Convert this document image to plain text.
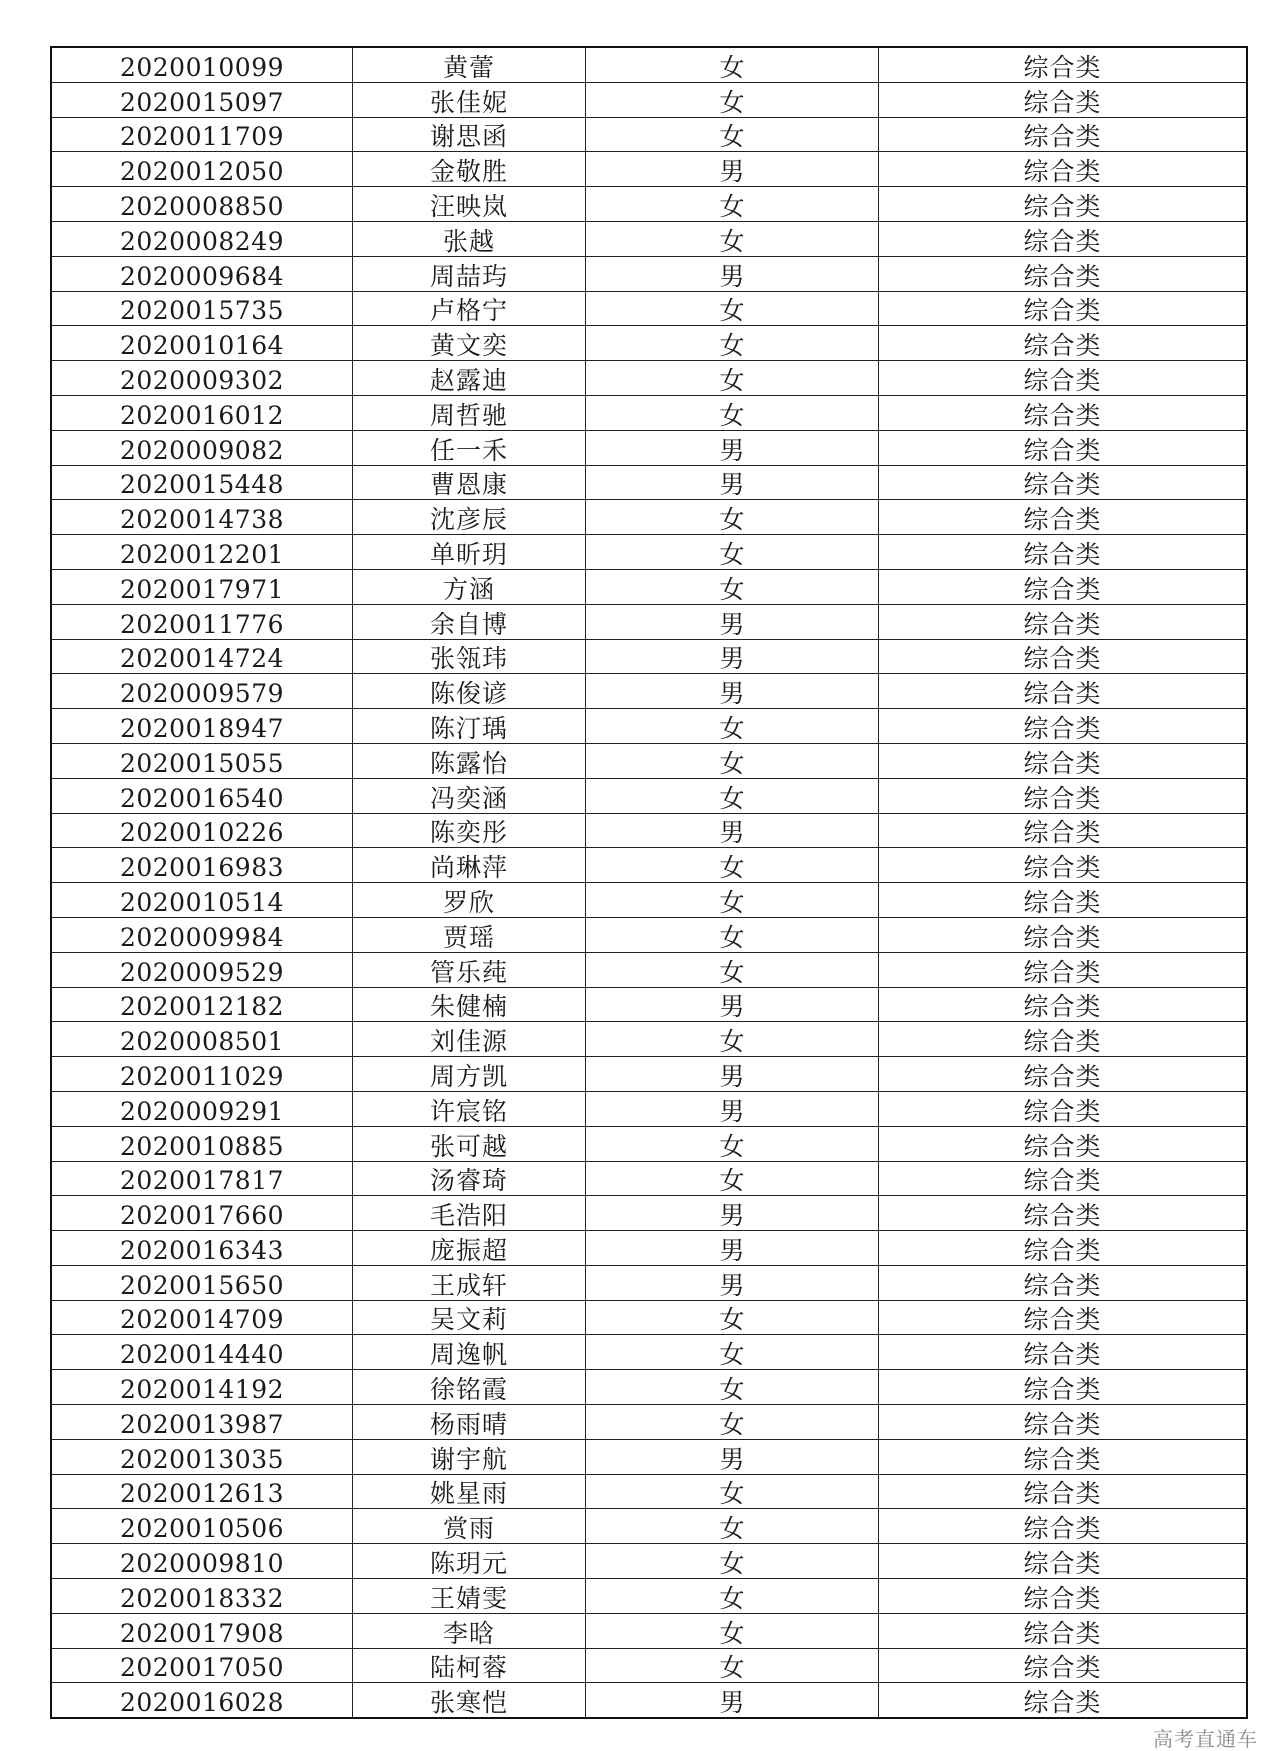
2020010099	黄蕾	女	综合类
2020015097	张佳妮	女	综合类
2020011709	谢思函	女	综合类
2020012050	金敬胜	男	综合类
2020008850	汪映岚	女	综合类
2020008249	张越	女	综合类
2020009684	周喆玙	男	综合类
2020015735	卢格宁	女	综合类
2020010164	黄文奕	女	综合类
2020009302	赵露迪	女	综合类
2020016012	周哲驰	女	综合类
2020009082	任一禾	男	综合类
2020015448	曹恩康	男	综合类
2020014738	沈彦辰	女	综合类
2020012201	单昕玥	女	综合类
2020017971	方涵	女	综合类
2020011776	余自博	男	综合类
2020014724	张瓴玮	男	综合类
2020009579	陈俊谚	男	综合类
2020018947	陈汀瑀	女	综合类
2020015055	陈露怡	女	综合类
2020016540	冯奕涵	女	综合类
2020010226	陈奕彤	男	综合类
2020016983	尚琳萍	女	综合类
2020010514	罗欣	女	综合类
2020009984	贾瑶	女	综合类
2020009529	管乐莼	女	综合类
2020012182	朱健楠	男	综合类
2020008501	刘佳源	女	综合类
2020011029	周方凯	男	综合类
2020009291	许宸铭	男	综合类
2020010885	张可越	女	综合类
2020017817	汤睿琦	女	综合类
2020017660	毛浩阳	男	综合类
2020016343	庞振超	男	综合类
2020015650	王成轩	男	综合类
2020014709	吴文莉	女	综合类
2020014440	周逸帆	女	综合类
2020014192	徐铭霞	女	综合类
2020013987	杨雨晴	女	综合类
2020013035	谢宇航	男	综合类
2020012613	姚星雨	女	综合类
2020010506	赏雨	女	综合类
2020009810	陈玥元	女	综合类
2020018332	王婧雯	女	综合类
2020017908	李晗	女	综合类
2020017050	陆柯蓉	女	综合类
2020016028	张寒恺	男	综合类
高考直通车
